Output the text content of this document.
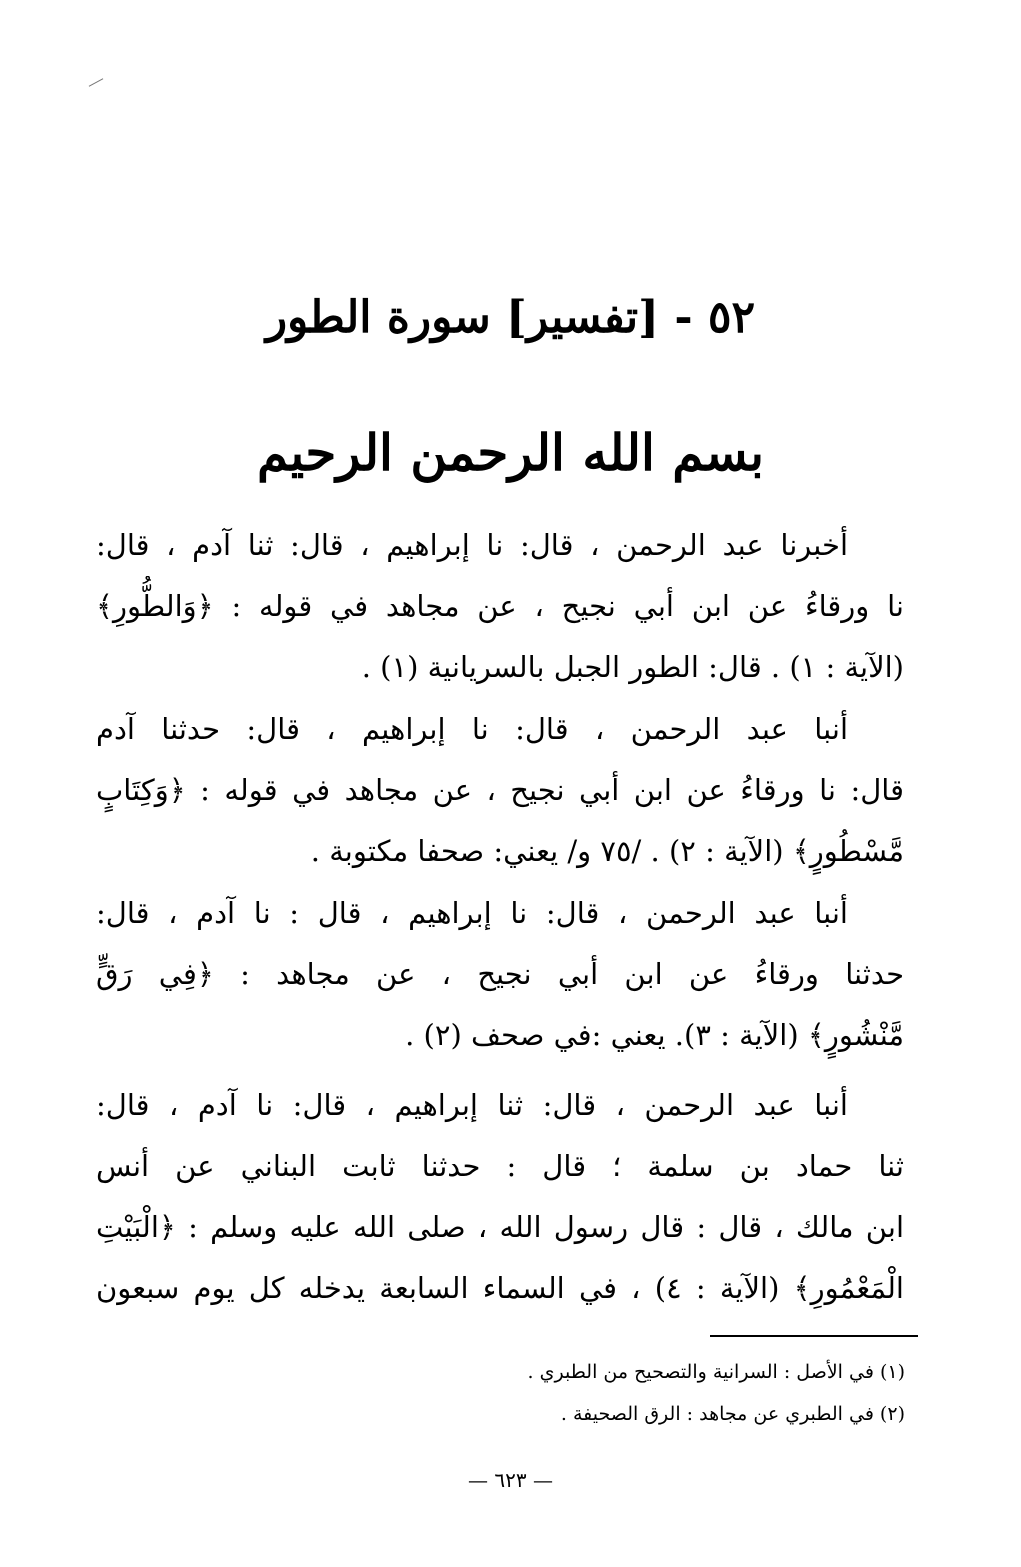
٥٢ - [تفسير] سورة الطور
بسم الله الرحمن الرحيم
أخبرنا عبد الرحمن ، قال: نا إبراهيم ، قال: ثنا آدم ، قال:
نا ورقاءُ عن ابن أبي نجيح ، عن مجاهد في قوله : ﴿وَالطُّورِ﴾
(الآية : ١) . قال: الطور الجبل بالسريانية (١) .
أنبا عبد الرحمن ، قال: نا إبراهيم ، قال: حدثنا آدم
قال: نا ورقاءُ عن ابن أبي نجيح ، عن مجاهد في قوله : ﴿وَكِتَابٍ
مَّسْطُورٍ﴾ (الآية : ٢) . /٧٥ و/ يعني: صحفا مكتوبة .
أنبا عبد الرحمن ، قال: نا إبراهيم ، قال : نا آدم ، قال:
حدثنا ورقاءُ عن ابن أبي نجيح ، عن مجاهد : ﴿فِي رَقٍّ
مَّنْشُورٍ﴾ (الآية : ٣). يعني :في صحف (٢) .
أنبا عبد الرحمن ، قال: ثنا إبراهيم ، قال: نا آدم ، قال:
ثنا حماد بن سلمة ؛ قال : حدثنا ثابت البناني عن أنس
ابن مالك ، قال : قال رسول الله ، صلى الله عليه وسلم : ﴿الْبَيْتِ
الْمَعْمُورِ﴾ (الآية : ٤) ، في السماء السابعة يدخله كل يوم سبعون
(١) في الأصل : السرانية والتصحيح من الطبري .
(٢) في الطبري عن مجاهد : الرق الصحيفة .
— ٦٢٣ —
